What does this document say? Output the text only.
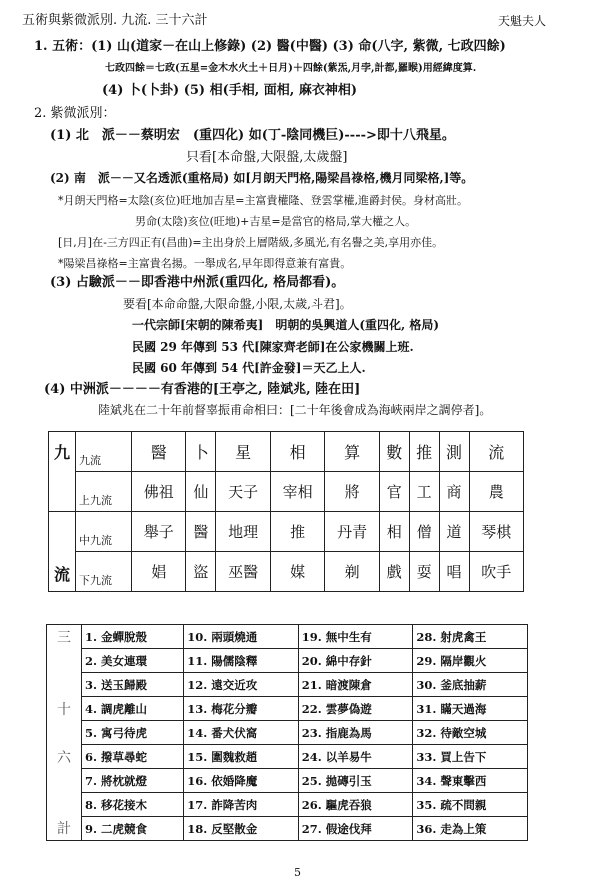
五術與紫微派別. 九流. 三十六計	天魁夫人
1. 五術：(1) 山(道家－在山上修錄) (2) 醫(中醫) (3) 命(八字, 紫微, 七政四餘)
七政四餘＝七政(五星=金木水火土＋日月)＋四餘(紫炁,月孛,計都,羅睺)用經緯度算.
(4) 卜(卜卦) (5) 相(手相, 面相, 麻衣神相)
2. 紫微派別：
(1) 北　派－－蔡明宏　(重四化) 如(丁-陰同機巨)---->即十八飛星。
只看[本命盤,大限盤,太歲盤]
(2) 南　派－－又名透派(重格局) 如[月朗天門格,陽梁昌祿格,機月同梁格,]等。
*月朗天門格=太陰(亥位)旺地加吉星=主富貴權隆、登雲掌權,進爵封侯。身材高壯。
男命(太陰)亥位(旺地)+吉星=是當官的格局,掌大權之人。
[日,月]在-三方四正有(昌曲)=主出身於上層階級,多風光,有名譽之美,享用亦佳。
*陽梁昌祿格=主富貴名揚。一舉成名,早年即得意兼有富貴。
(3) 占驗派－－即香港中州派(重四化, 格局都看)。
要看[本命命盤,大限命盤,小限,太歲,斗君]。
一代宗師[宋朝的陳希夷]　明朝的吳興道人(重四化, 格局)
民國 29 年傳到 53 代[陳家齊老師]在公家機關上班.
民國 60 年傳到 54 代[許金發]＝天乙上人.
(4) 中洲派－－－－有香港的[王亭之, 陸斌兆, 陸在田]
陸斌兆在二十年前督辜振甫命相曰：[二十年後會成為海峽兩岸之調停者]。
九	九流	醫	卜	星	相	算	數	推	測	流
	上九流	佛祖	仙	天子	宰相	將	官	工	商	農
流	中九流	舉子	醫	地理	推	丹青	相	僧	道	琴棋
	下九流	娼	盜	巫醫	媒	剃	戲	耍	唱	吹手
三	1. 金蟬脫殼	10. 兩頭燒通	19. 無中生有	28. 射虎禽王
	2. 美女連環	11. 陽儒陰釋	20. 綿中存針	29. 隔岸觀火
	3. 送玉歸殿	12. 遠交近攻	21. 暗渡陳倉	30. 釜底抽薪
十	4. 調虎離山	13. 梅花分瓣	22. 雲夢偽遊	31. 瞞天過海
	5. 寓弓待虎	14. 番犬伏窩	23. 指鹿為馬	32. 待敵空城
六	6. 撥草尋蛇	15. 圍魏救趙	24. 以羊易牛	33. 買上告下
	7. 將枕就燈	16. 依婚降魔	25. 拋磚引玉	34. 聲東擊西
	8. 移花接木	17. 詐降苦肉	26. 驅虎吞狼	35. 疏不問親
計	9. 二虎競食	18. 反堅散金	27. 假途伐拜	36. 走為上策
5
